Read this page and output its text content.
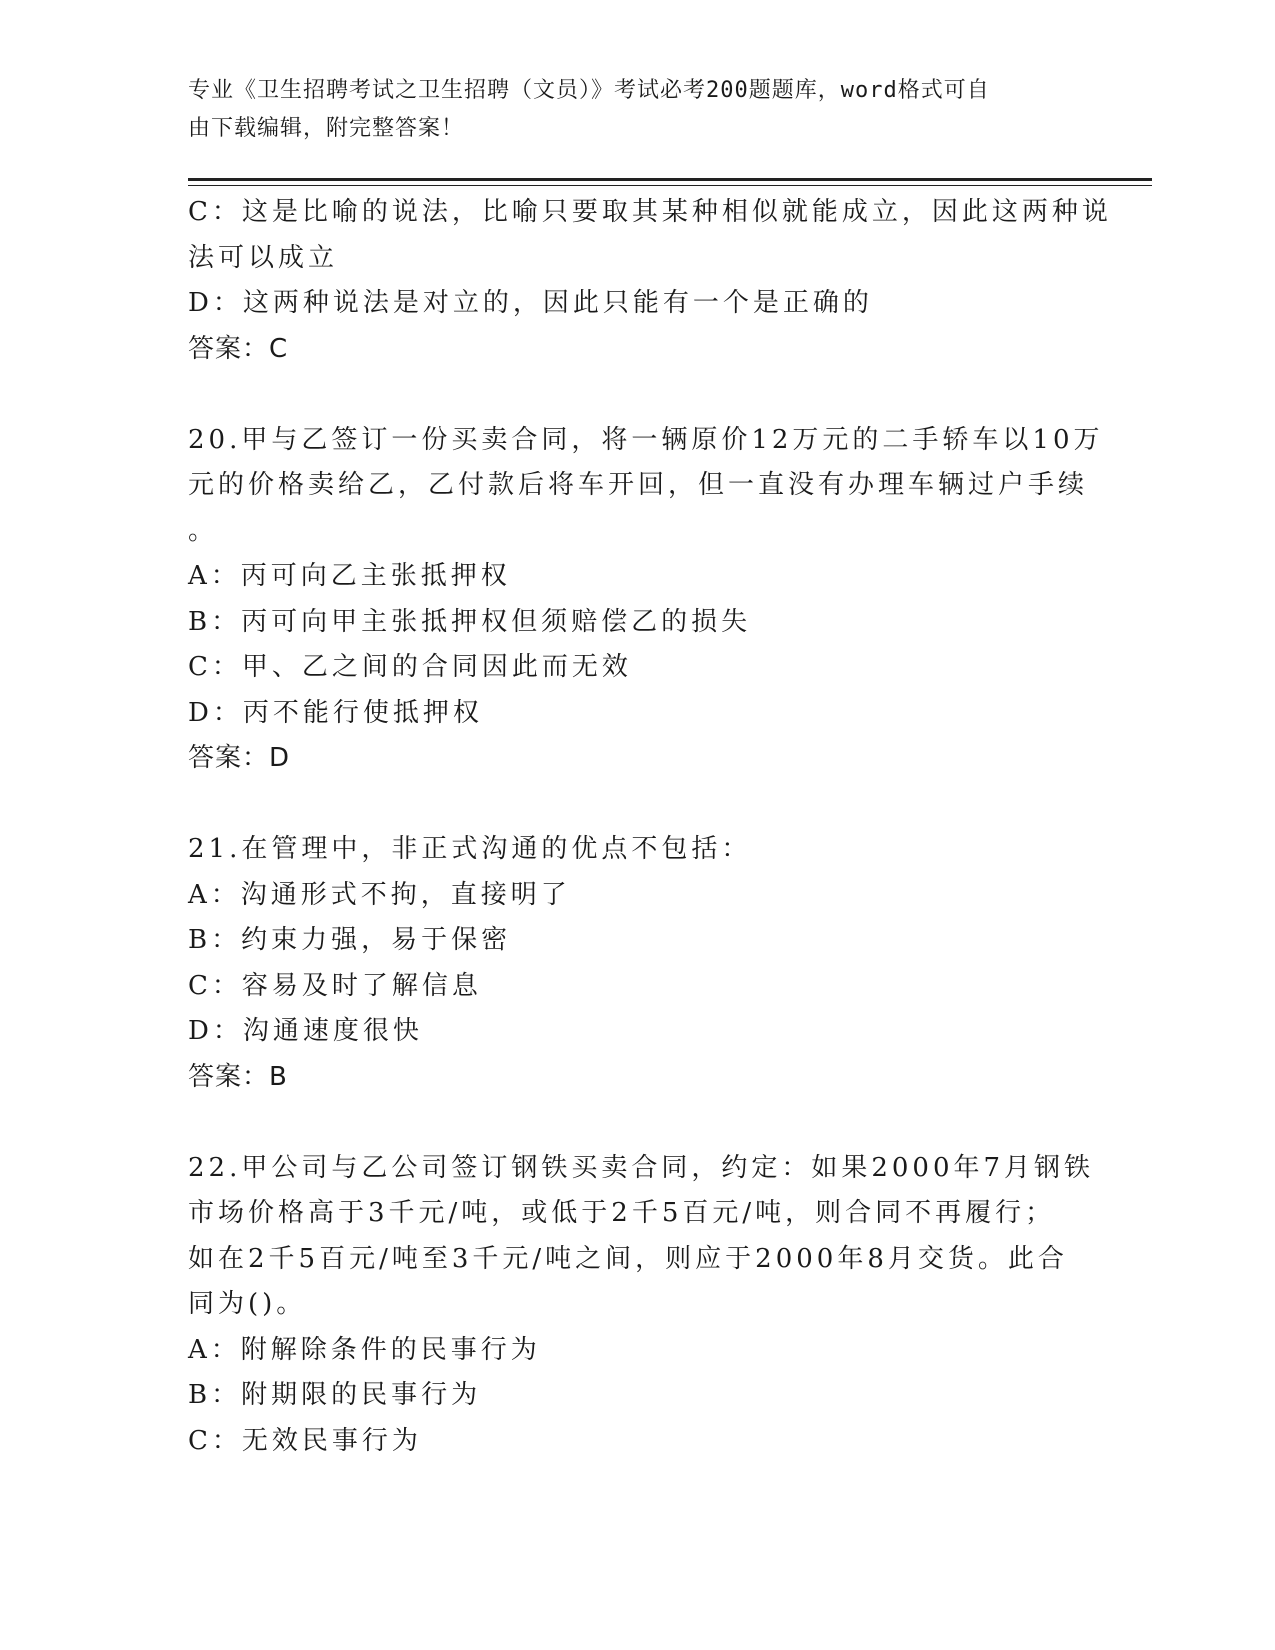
专业《卫生招聘考试之卫生招聘（文员）》考试必考200题题库，word格式可自
由下载编辑，附完整答案！
C：这是比喻的说法，比喻只要取其某种相似就能成立，因此这两种说
法可以成立
D：这两种说法是对立的，因此只能有一个是正确的
答案：C
20.甲与乙签订一份买卖合同，将一辆原价12万元的二手轿车以10万
元的价格卖给乙，乙付款后将车开回，但一直没有办理车辆过户手续
。
A：丙可向乙主张抵押权
B：丙可向甲主张抵押权但须赔偿乙的损失
C：甲、乙之间的合同因此而无效
D：丙不能行使抵押权
答案：D
21.在管理中，非正式沟通的优点不包括：
A：沟通形式不拘，直接明了
B：约束力强，易于保密
C：容易及时了解信息
D：沟通速度很快
答案：B
22.甲公司与乙公司签订钢铁买卖合同，约定：如果2000年7月钢铁
市场价格高于3千元/吨，或低于2千5百元/吨，则合同不再履行；
如在2千5百元/吨至3千元/吨之间，则应于2000年8月交货。此合
同为()。
A：附解除条件的民事行为
B：附期限的民事行为
C：无效民事行为
